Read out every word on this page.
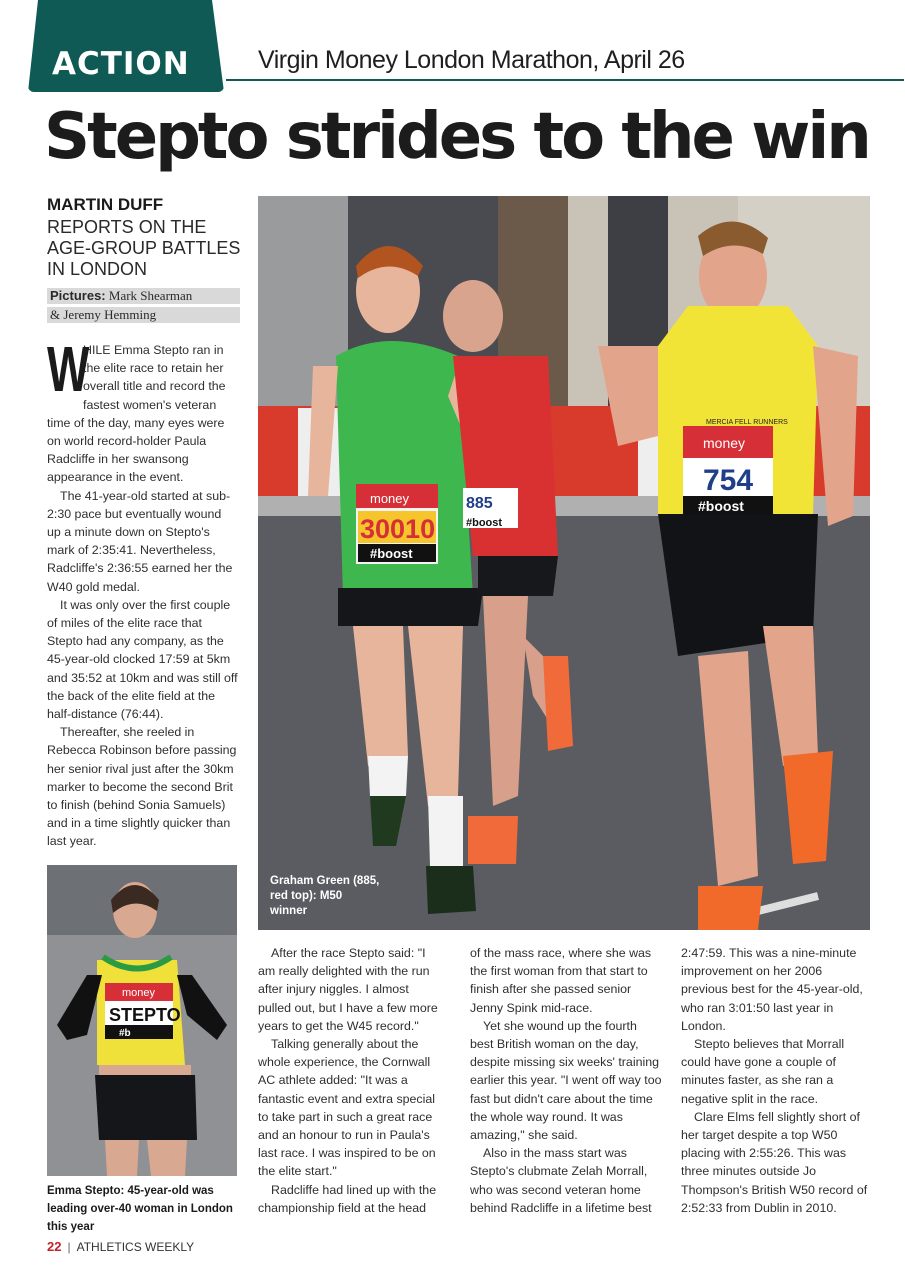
ACTION	Virgin Money London Marathon, April 26
Stepto strides to the win
MARTIN DUFF
REPORTS ON THE AGE-GROUP BATTLES IN LONDON
Pictures: Mark Shearman
& Jeremy Hemming

W
HILE Emma Stepto ran in the elite race to retain her overall title and record the fastest women's veteran time of the day, many eyes were on world record-holder Paula Radcliffe in her swansong appearance in the event.

The 41-year-old started at sub-2:30 pace but eventually wound up a minute down on Stepto's mark of 2:35:41. Nevertheless, Radcliffe's 2:36:55 earned her the W40 gold medal.

It was only over the first couple of miles of the elite race that Stepto had any company, as the 45-year-old clocked 17:59 at 5km and 35:52 at 10km and was still off the back of the elite field at the half-distance (76:44).

Thereafter, she reeled in Rebecca Robinson before passing her senior rival just after the 30km marker to become the second Brit to finish (behind Sonia Samuels) and in a time slightly quicker than last year.

money
30010
#boost
885
#boost
money
754
#boost
MERCIA FELL RUNNERS
Graham Green (885, red top): M50 winner
money
STEPTO
#b
Emma Stepto: 45-year-old was leading over-40 woman in London this year

After the race Stepto said: "I am really delighted with the run after injury niggles. I almost pulled out, but I have a few more years to get the W45 record."

Talking generally about the whole experience, the Cornwall AC athlete added: "It was a fantastic event and extra special to take part in such a great race and an honour to run in Paula's last race. I was inspired to be on the elite start."

Radcliffe had lined up with the championship field at the head

of the mass race, where she was the first woman from that start to finish after she passed senior Jenny Spink mid-race.

Yet she wound up the fourth best British woman on the day, despite missing six weeks' training earlier this year. "I went off way too fast but didn't care about the time the whole way round. It was amazing," she said.

Also in the mass start was Stepto's clubmate Zelah Morrall, who was second veteran home behind Radcliffe in a lifetime best

2:47:59. This was a nine-minute improvement on her 2006 previous best for the 45-year-old, who ran 3:01:50 last year in London.

Stepto believes that Morrall could have gone a couple of minutes faster, as she ran a negative split in the race.

Clare Elms fell slightly short of her target despite a top W50 placing with 2:55:26. This was three minutes outside Jo Thompson's British W50 record of 2:52:33 from Dublin in 2010.

22 | ATHLETICS WEEKLY
